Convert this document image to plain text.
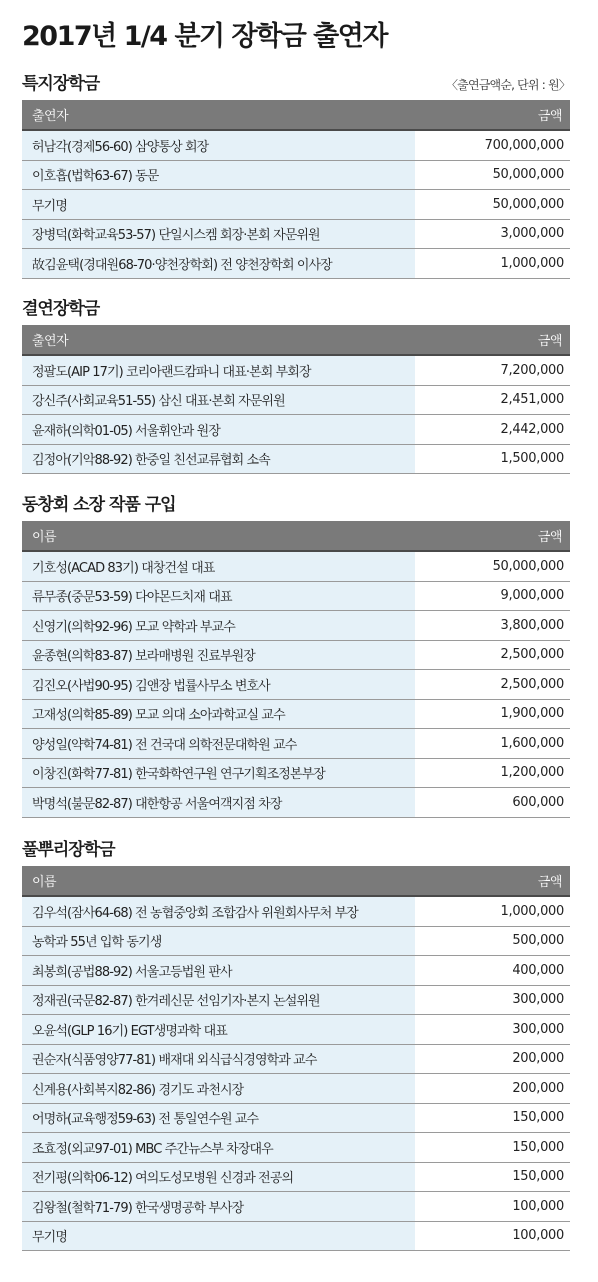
2017년 1/4 분기 장학금 출연자
특지장학금	〈출연금액순, 단위 : 원〉
출연자	금액
허남각(경제56-60) 삼양통상 회장	700,000,000
이호흡(법학63-67) 동문	50,000,000
무기명	50,000,000
장병덕(화학교육53-57) 단일시스켐 회장·본회 자문위원	3,000,000
故김윤택(경대원68-70·양천장학회) 전 양천장학회 이사장	1,000,000
결연장학금
출연자	금액
정팔도(AIP 17기) 코리아랜드캄파니 대표·본회 부회장	7,200,000
강신주(사회교육51-55) 삼신 대표·본회 자문위원	2,451,000
윤재하(의학01-05) 서울휘안과 원장	2,442,000
김정아(기악88-92) 한중일 친선교류협회 소속	1,500,000
동창회 소장 작품 구입
이름	금액
기호성(ACAD 83기) 대창건설 대표	50,000,000
류무종(중문53-59) 다야몬드치재 대표	9,000,000
신영기(의학92-96) 모교 약학과 부교수	3,800,000
윤종현(의학83-87) 보라매병원 진료부원장	2,500,000
김진오(사법90-95) 김앤장 법률사무소 변호사	2,500,000
고재성(의학85-89) 모교 의대 소아과학교실 교수	1,900,000
양성일(약학74-81) 전 건국대 의학전문대학원 교수	1,600,000
이창진(화학77-81) 한국화학연구원 연구기획조정본부장	1,200,000
박명석(불문82-87) 대한항공 서울여객지점 차장	600,000
풀뿌리장학금
이름	금액
김우석(잠사64-68) 전 농협중앙회 조합감사 위원회사무처 부장	1,000,000
농학과 55년 입학 동기생	500,000
최봉희(공법88-92) 서울고등법원 판사	400,000
정재권(국문82-87) 한겨레신문 선임기자·본지 논설위원	300,000
오윤석(GLP 16기) EGT생명과학 대표	300,000
권순자(식품영양77-81) 배재대 외식급식경영학과 교수	200,000
신계용(사회복지82-86) 경기도 과천시장	200,000
어명하(교육행정59-63) 전 통일연수원 교수	150,000
조효정(외교97-01) MBC 주간뉴스부 차장대우	150,000
전기평(의학06-12) 여의도성모병원 신경과 전공의	150,000
김왕철(철학71-79) 한국생명공학 부사장	100,000
무기명	100,000
